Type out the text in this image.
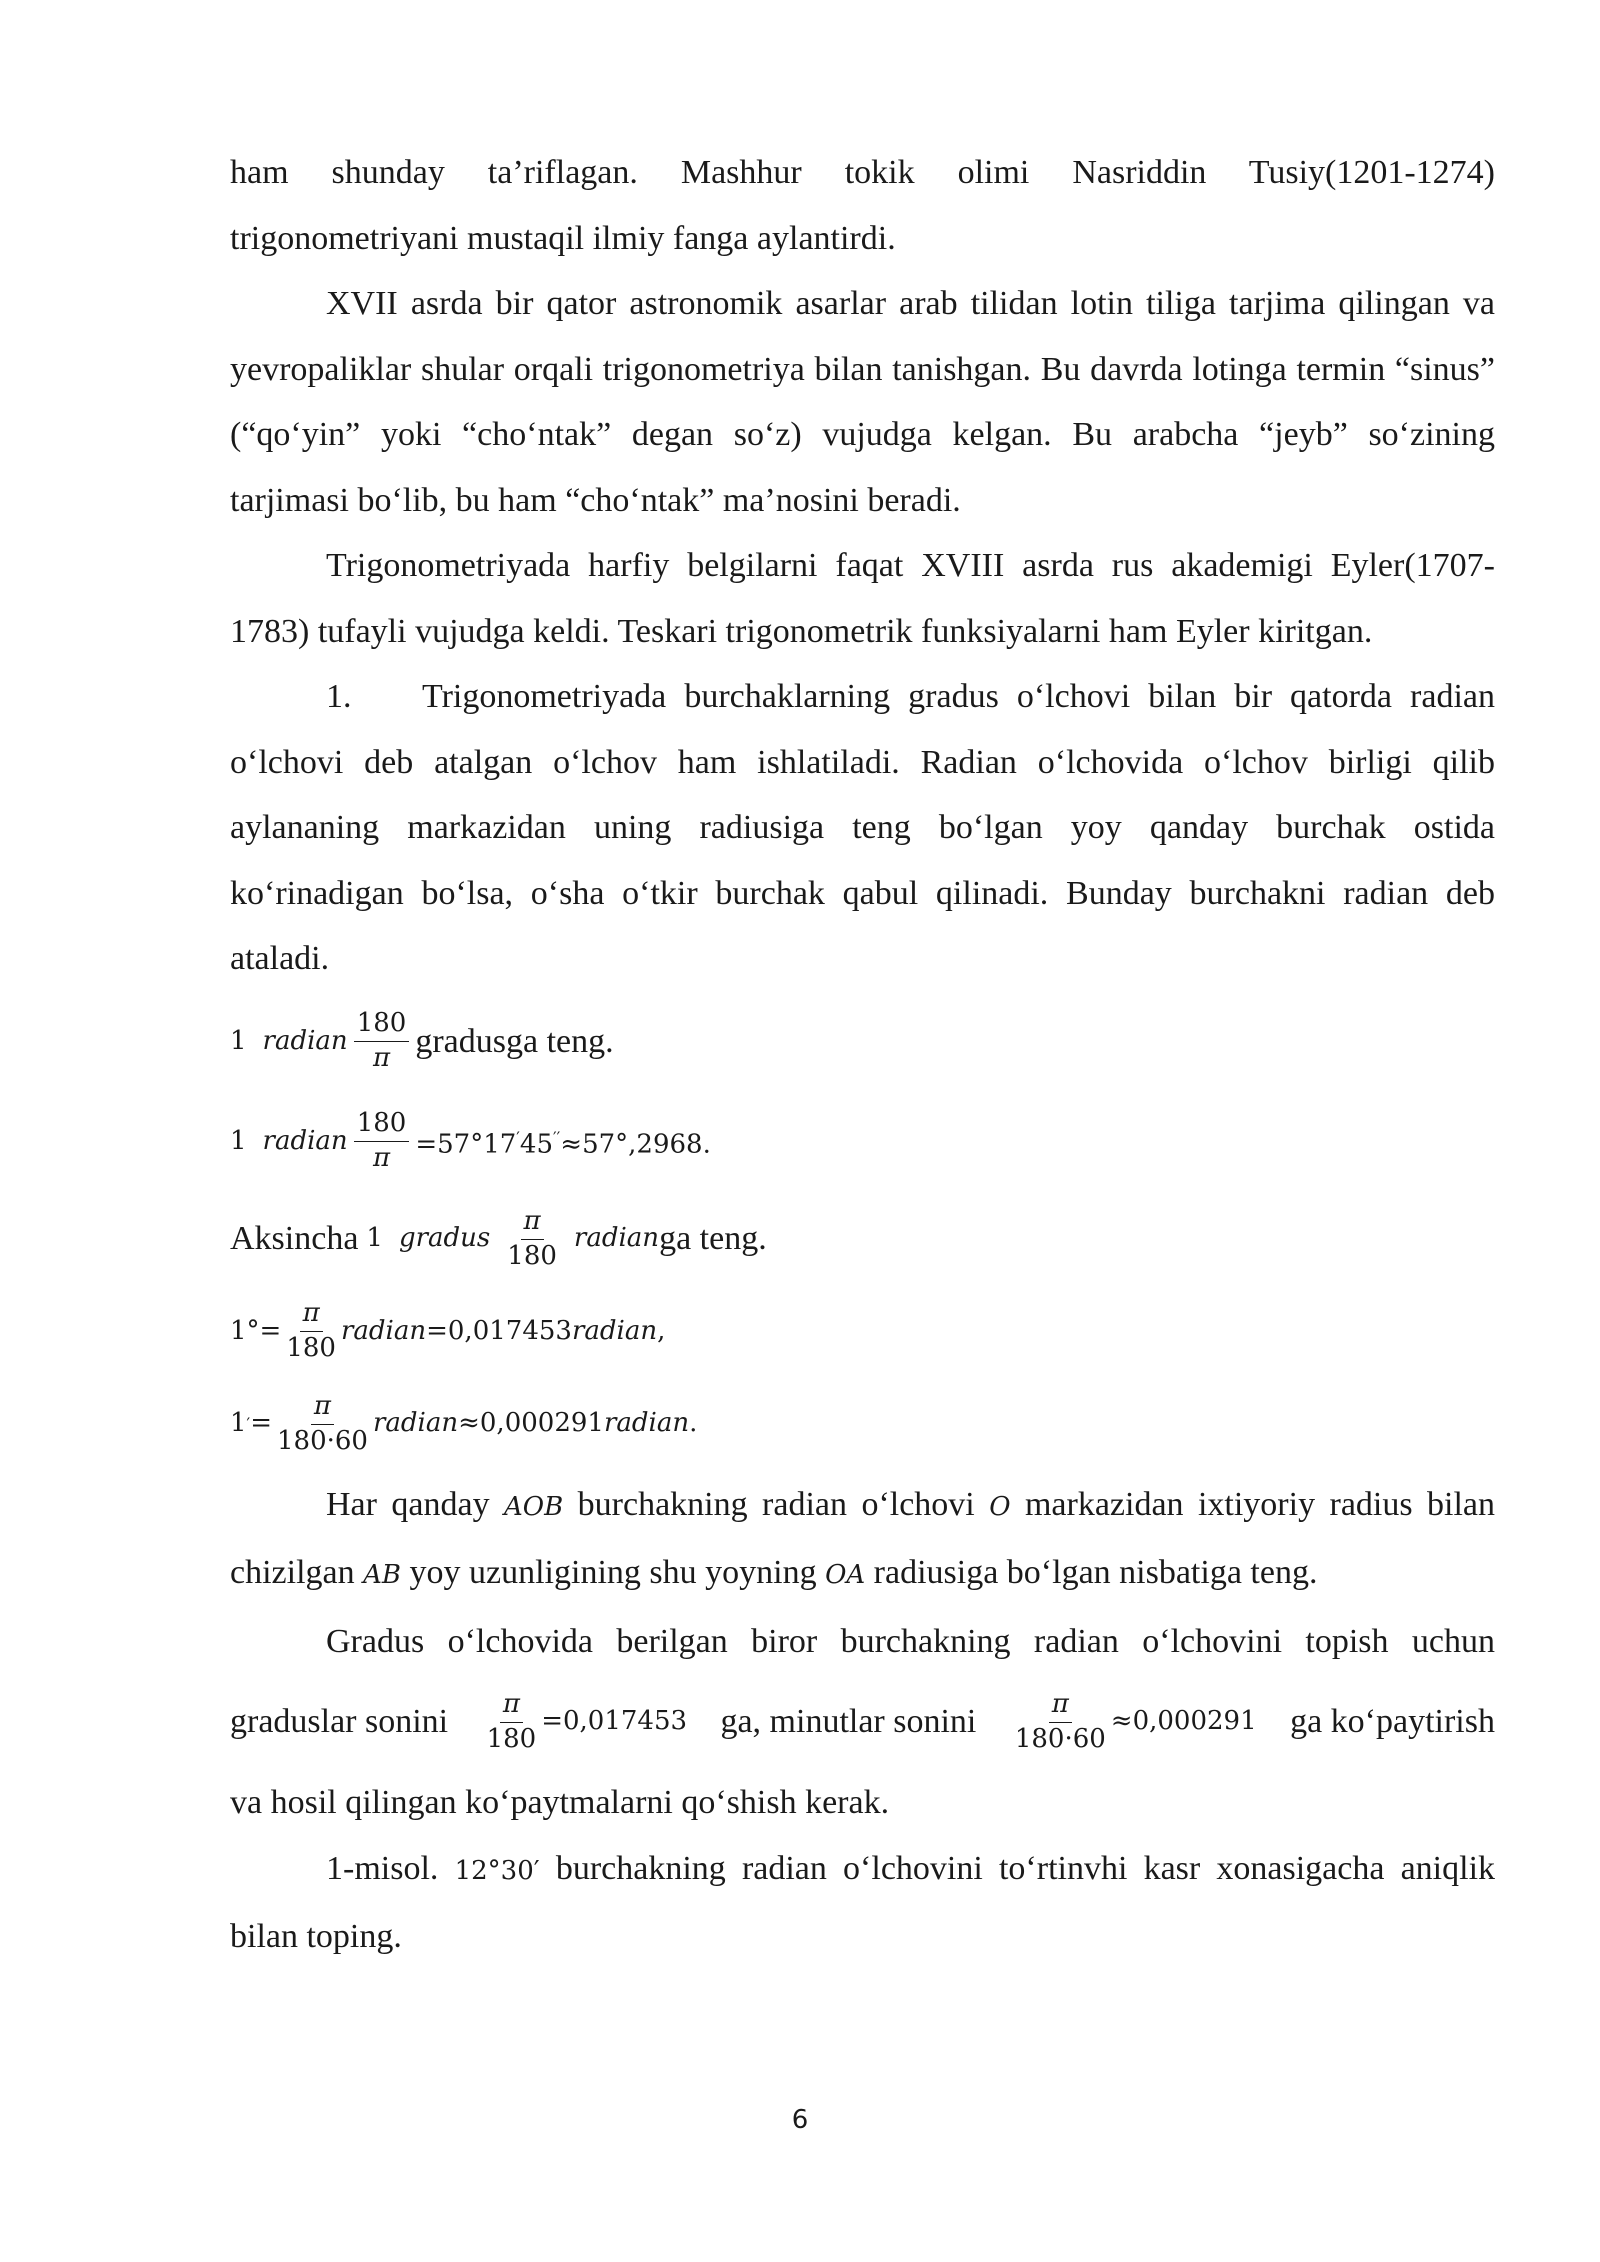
ham shunday ta’riflagan. Mashhur tokik olimi Nasriddin Tusiy(1201-1274)

trigonometriyani mustaqil ilmiy fanga aylantirdi.

XVII asrda bir qator astronomik asarlar arab tilidan lotin tiliga tarjima qilingan va yevropaliklar shular orqali trigonometriya bilan tanishgan. Bu davrda lotinga termin “sinus” (“qo‘yin” yoki “cho‘ntak” degan so‘z) vujudga kelgan. Bu arabcha “jeyb” so‘zining tarjimasi bo‘lib, bu ham “cho‘ntak” ma’nosini beradi.

Trigonometriyada harfiy belgilarni faqat XVIII asrda rus akademigi Eyler(1707-1783) tufayli vujudga keldi. Teskari trigonometrik funksiyalarni ham Eyler kiritgan.

1. Trigonometriyada burchaklarning gradus o‘lchovi bilan bir qatorda radian o‘lchovi deb atalgan o‘lchov ham ishlatiladi. Radian o‘lchovida o‘lchov birligi qilib aylananing markazidan uning radiusiga teng bo‘lgan yoy qanday burchak ostida ko‘rinadigan bo‘lsa, o‘sha o‘tkir burchak qabul qilinadi. Bunday burchakni radian deb ataladi.

1 radian $\frac{180}{\pi}$ gradusga teng.
1 radian $\frac{180}{\pi} =57^\circ 17'45''\approx 57^\circ,2968$.
Aksincha 1 gradus $\frac{\pi}{180}$ radian ga teng.
$1^\circ= \frac{\pi}{180}$ radian =0,017453 radian ,
1 ′ = $\frac{\pi}{180\cdot 60}$ radian ≈0,000291 radian .

Har qanday AOB burchakning radian o‘lchovi O markazidan ixtiyoriy radius bilan chizilgan AB yoy uzunligining shu yoyning OA radiusiga bo‘lgan nisbatiga teng.

Gradus o‘lchovida berilgan biror burchakning radian o‘lchovini topish uchun

graduslar sonini $\frac{\pi}{180} =0,017453$ ga, minutlar sonini $\frac{\pi}{180\cdot 60} \approx 0,000291$ ga ko‘paytirish

va hosil qilingan ko‘paytmalarni qo‘shish kerak.

1-misol. 12°30′ burchakning radian o‘lchovini to‘rtinvhi kasr xonasigacha aniqlik bilan toping.

6
